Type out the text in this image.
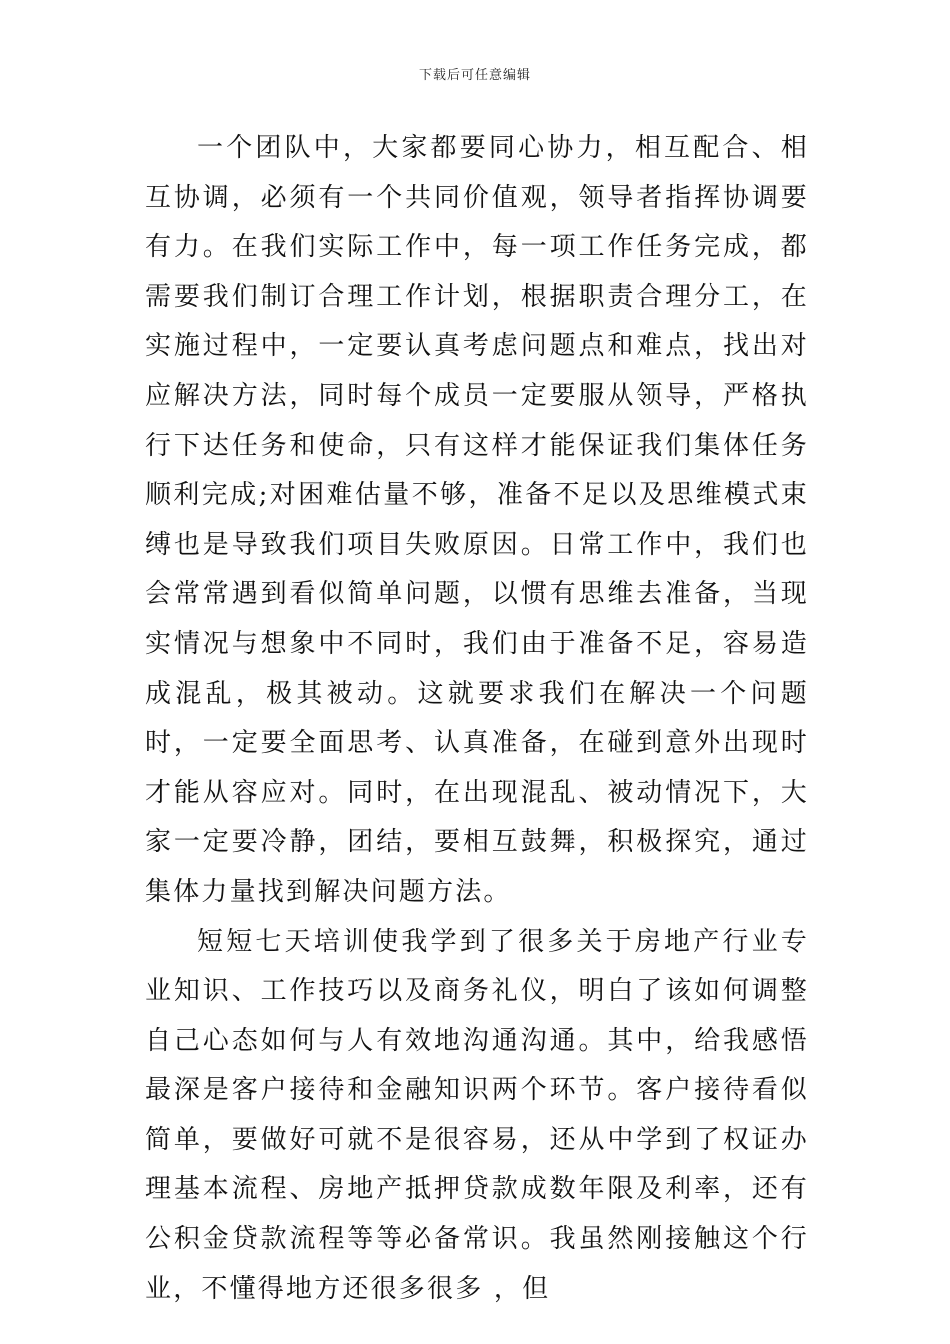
下载后可任意编辑

一个团队中，大家都要同心协力，相互配合、相互协调，必须有一个共同价值观，领导者指挥协调要有力。在我们实际工作中，每一项工作任务完成，都需要我们制订合理工作计划，根据职责合理分工，在实施过程中，一定要认真考虑问题点和难点，找出对应解决方法，同时每个成员一定要服从领导，严格执行下达任务和使命，只有这样才能保证我们集体任务顺利完成;对困难估量不够，准备不足以及思维模式束缚也是导致我们项目失败原因。日常工作中，我们也会常常遇到看似简单问题，以惯有思维去准备，当现实情况与想象中不同时，我们由于准备不足，容易造成混乱，极其被动。这就要求我们在解决一个问题时，一定要全面思考、认真准备，在碰到意外出现时才能从容应对。同时，在出现混乱、被动情况下，大家一定要冷静，团结，要相互鼓舞，积极探究，通过集体力量找到解决问题方法。

短短七天培训使我学到了很多关于房地产行业专业知识、工作技巧以及商务礼仪，明白了该如何调整自己心态如何与人有效地沟通沟通。其中，给我感悟最深是客户接待和金融知识两个环节。客户接待看似简单，要做好可就不是很容易，还从中学到了权证办理基本流程、房地产抵押贷款成数年限及利率，还有公积金贷款流程等等必备常识。我虽然刚接触这个行业，不懂得地方还很多很多 ，但
